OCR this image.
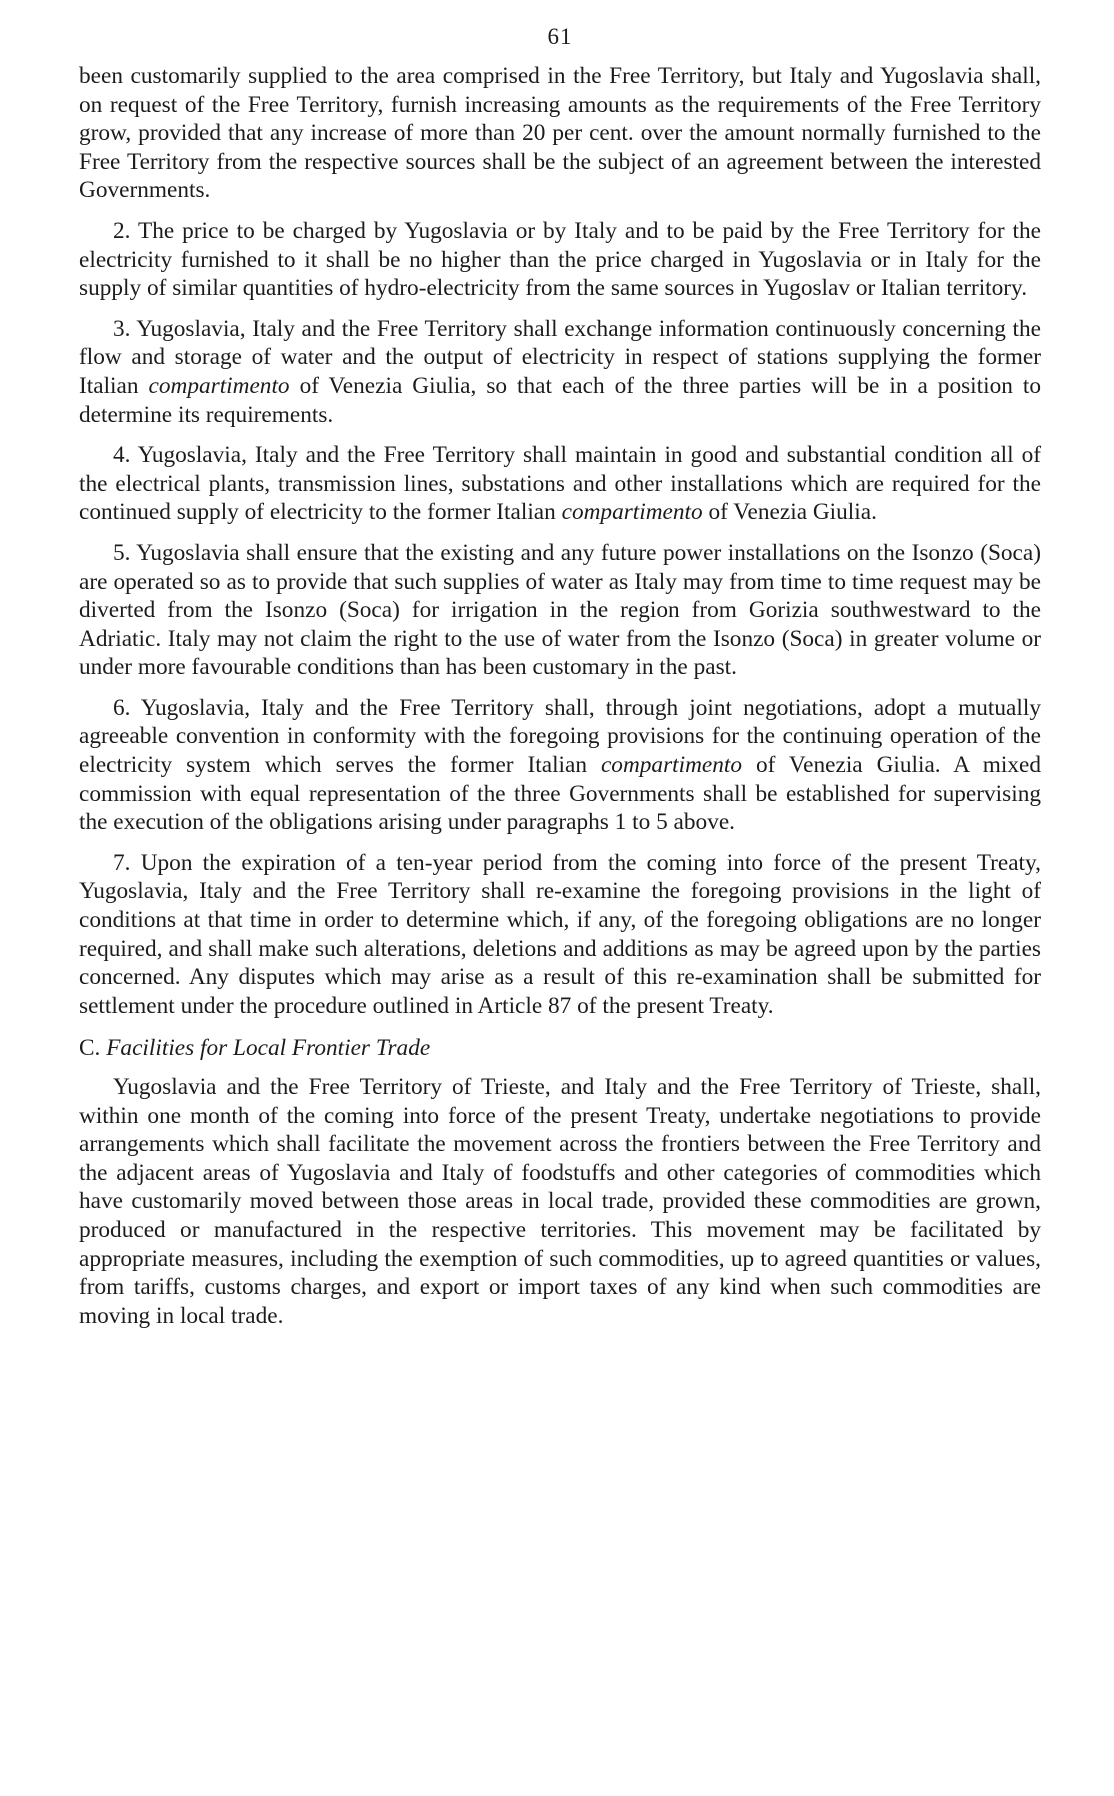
61

been customarily supplied to the area comprised in the Free Territory, but Italy and Yugoslavia shall, on request of the Free Territory, furnish increasing amounts as the requirements of the Free Territory grow, provided that any increase of more than 20 per cent. over the amount normally furnished to the Free Territory from the respective sources shall be the subject of an agreement between the interested Governments.

2. The price to be charged by Yugoslavia or by Italy and to be paid by the Free Territory for the electricity furnished to it shall be no higher than the price charged in Yugoslavia or in Italy for the supply of similar quantities of hydro-electricity from the same sources in Yugoslav or Italian territory.

3. Yugoslavia, Italy and the Free Territory shall exchange information continuously concerning the flow and storage of water and the output of electricity in respect of stations supplying the former Italian compartimento of Venezia Giulia, so that each of the three parties will be in a position to determine its requirements.

4. Yugoslavia, Italy and the Free Territory shall maintain in good and substantial condition all of the electrical plants, transmission lines, substations and other installations which are required for the continued supply of electricity to the former Italian compartimento of Venezia Giulia.

5. Yugoslavia shall ensure that the existing and any future power installations on the Isonzo (Soca) are operated so as to provide that such supplies of water as Italy may from time to time request may be diverted from the Isonzo (Soca) for irrigation in the region from Gorizia southwestward to the Adriatic. Italy may not claim the right to the use of water from the Isonzo (Soca) in greater volume or under more favourable conditions than has been customary in the past.

6. Yugoslavia, Italy and the Free Territory shall, through joint negotiations, adopt a mutually agreeable convention in conformity with the foregoing provisions for the continuing operation of the electricity system which serves the former Italian compartimento of Venezia Giulia. A mixed commission with equal representation of the three Governments shall be established for supervising the execution of the obligations arising under paragraphs 1 to 5 above.

7. Upon the expiration of a ten-year period from the coming into force of the present Treaty, Yugoslavia, Italy and the Free Territory shall re-examine the foregoing provisions in the light of conditions at that time in order to determine which, if any, of the foregoing obligations are no longer required, and shall make such alterations, deletions and additions as may be agreed upon by the parties concerned. Any disputes which may arise as a result of this re-examination shall be submitted for settlement under the procedure outlined in Article 87 of the present Treaty.

C. Facilities for Local Frontier Trade

Yugoslavia and the Free Territory of Trieste, and Italy and the Free Territory of Trieste, shall, within one month of the coming into force of the present Treaty, undertake negotiations to provide arrangements which shall facilitate the movement across the frontiers between the Free Territory and the adjacent areas of Yugoslavia and Italy of foodstuffs and other categories of commodities which have customarily moved between those areas in local trade, provided these commodities are grown, produced or manufactured in the respective territories. This movement may be facilitated by appropriate measures, including the exemption of such commodities, up to agreed quantities or values, from tariffs, customs charges, and export or import taxes of any kind when such commodities are moving in local trade.
